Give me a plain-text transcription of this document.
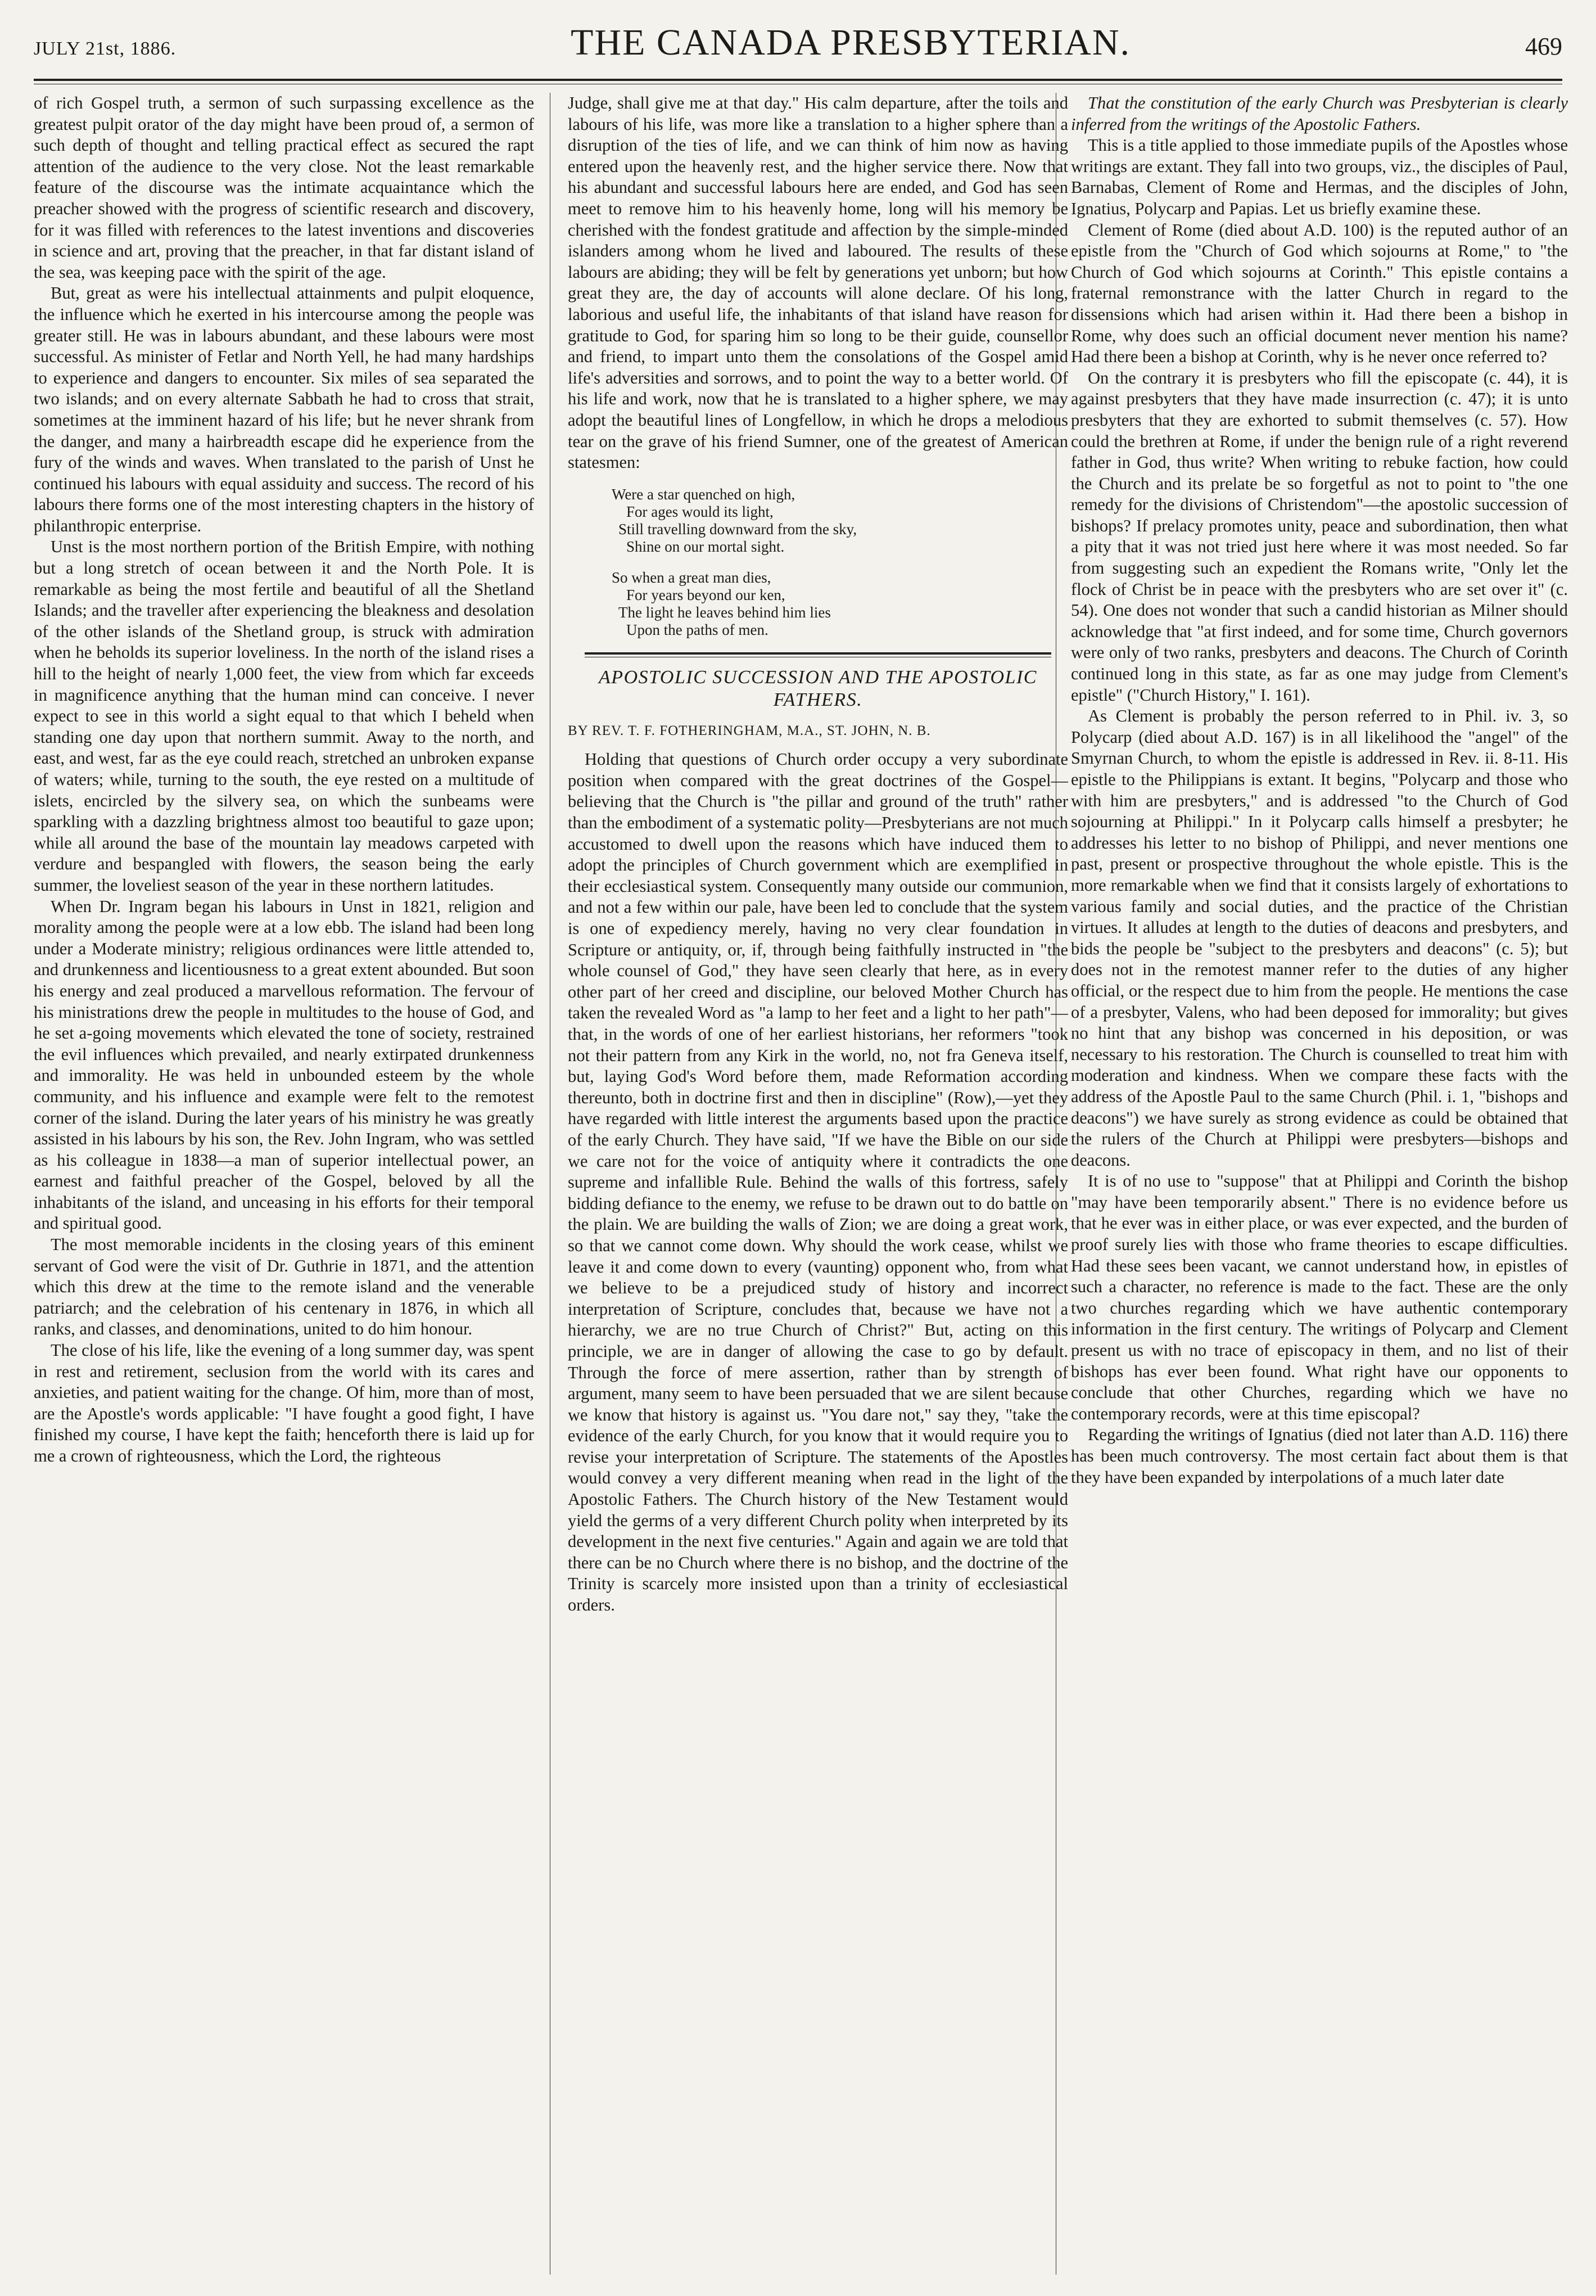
JULY 21st, 1886.	THE CANADA PRESBYTERIAN.	469

of rich Gospel truth, a sermon of such surpassing excellence as the greatest pulpit orator of the day might have been proud of, a sermon of such depth of thought and telling practical effect as secured the rapt attention of the audience to the very close. Not the least remarkable feature of the discourse was the intimate acquaintance which the preacher showed with the progress of scientific research and discovery, for it was filled with references to the latest inventions and discoveries in science and art, proving that the preacher, in that far distant island of the sea, was keeping pace with the spirit of the age.

But, great as were his intellectual attainments and pulpit eloquence, the influence which he exerted in his intercourse among the people was greater still. He was in labours abundant, and these labours were most successful. As minister of Fetlar and North Yell, he had many hardships to experience and dangers to encounter. Six miles of sea separated the two islands; and on every alternate Sabbath he had to cross that strait, sometimes at the imminent hazard of his life; but he never shrank from the danger, and many a hairbreadth escape did he experience from the fury of the winds and waves. When translated to the parish of Unst he continued his labours with equal assiduity and success. The record of his labours there forms one of the most interesting chapters in the history of philanthropic enterprise.

Unst is the most northern portion of the British Empire, with nothing but a long stretch of ocean between it and the North Pole. It is remarkable as being the most fertile and beautiful of all the Shetland Islands; and the traveller after experiencing the bleakness and desolation of the other islands of the Shetland group, is struck with admiration when he beholds its superior loveliness. In the north of the island rises a hill to the height of nearly 1,000 feet, the view from which far exceeds in magnificence anything that the human mind can conceive. I never expect to see in this world a sight equal to that which I beheld when standing one day upon that northern summit. Away to the north, and east, and west, far as the eye could reach, stretched an unbroken expanse of waters; while, turning to the south, the eye rested on a multitude of islets, encircled by the silvery sea, on which the sunbeams were sparkling with a dazzling brightness almost too beautiful to gaze upon; while all around the base of the mountain lay meadows carpeted with verdure and bespangled with flowers, the season being the early summer, the loveliest season of the year in these northern latitudes.

When Dr. Ingram began his labours in Unst in 1821, religion and morality among the people were at a low ebb. The island had been long under a Moderate ministry; religious ordinances were little attended to, and drunkenness and licentiousness to a great extent abounded. But soon his energy and zeal produced a marvellous reformation. The fervour of his ministrations drew the people in multitudes to the house of God, and he set a-going movements which elevated the tone of society, restrained the evil influences which prevailed, and nearly extirpated drunkenness and immorality. He was held in unbounded esteem by the whole community, and his influence and example were felt to the remotest corner of the island. During the later years of his ministry he was greatly assisted in his labours by his son, the Rev. John Ingram, who was settled as his colleague in 1838—a man of superior intellectual power, an earnest and faithful preacher of the Gospel, beloved by all the inhabitants of the island, and unceasing in his efforts for their temporal and spiritual good.

The most memorable incidents in the closing years of this eminent servant of God were the visit of Dr. Guthrie in 1871, and the attention which this drew at the time to the remote island and the venerable patriarch; and the celebration of his centenary in 1876, in which all ranks, and classes, and denominations, united to do him honour.

The close of his life, like the evening of a long summer day, was spent in rest and retirement, seclusion from the world with its cares and anxieties, and patient waiting for the change. Of him, more than of most, are the Apostle's words applicable: "I have fought a good fight, I have finished my course, I have kept the faith; henceforth there is laid up for me a crown of righteousness, which the Lord, the righteous

Judge, shall give me at that day." His calm departure, after the toils and labours of his life, was more like a translation to a higher sphere than a disruption of the ties of life, and we can think of him now as having entered upon the heavenly rest, and the higher service there. Now that his abundant and successful labours here are ended, and God has seen meet to remove him to his heavenly home, long will his memory be cherished with the fondest gratitude and affection by the simple-minded islanders among whom he lived and laboured. The results of these labours are abiding; they will be felt by generations yet unborn; but how great they are, the day of accounts will alone declare. Of his long, laborious and useful life, the inhabitants of that island have reason for gratitude to God, for sparing him so long to be their guide, counsellor and friend, to impart unto them the consolations of the Gospel amid life's adversities and sorrows, and to point the way to a better world. Of his life and work, now that he is translated to a higher sphere, we may adopt the beautiful lines of Longfellow, in which he drops a melodious tear on the grave of his friend Sumner, one of the greatest of American statesmen:

Were a star quenched on high,
For ages would its light,
Still travelling downward from the sky,
Shine on our mortal sight.
So when a great man dies,
For years beyond our ken,
The light he leaves behind him lies
Upon the paths of men.
APOSTOLIC SUCCESSION AND THE APOSTOLIC FATHERS.
BY REV. T. F. FOTHERINGHAM, M.A., ST. JOHN, N. B.

Holding that questions of Church order occupy a very subordinate position when compared with the great doctrines of the Gospel—believing that the Church is "the pillar and ground of the truth" rather than the embodiment of a systematic polity—Presbyterians are not much accustomed to dwell upon the reasons which have induced them to adopt the principles of Church government which are exemplified in their ecclesiastical system. Consequently many outside our communion, and not a few within our pale, have been led to conclude that the system is one of expediency merely, having no very clear foundation in Scripture or antiquity, or, if, through being faithfully instructed in "the whole counsel of God," they have seen clearly that here, as in every other part of her creed and discipline, our beloved Mother Church has taken the revealed Word as "a lamp to her feet and a light to her path"—that, in the words of one of her earliest historians, her reformers "took not their pattern from any Kirk in the world, no, not fra Geneva itself, but, laying God's Word before them, made Reformation according thereunto, both in doctrine first and then in discipline" (Row),—yet they have regarded with little interest the arguments based upon the practice of the early Church. They have said, "If we have the Bible on our side we care not for the voice of antiquity where it contradicts the one supreme and infallible Rule. Behind the walls of this fortress, safely bidding defiance to the enemy, we refuse to be drawn out to do battle on the plain. We are building the walls of Zion; we are doing a great work, so that we cannot come down. Why should the work cease, whilst we leave it and come down to every (vaunting) opponent who, from what we believe to be a prejudiced study of history and incorrect interpretation of Scripture, concludes that, because we have not a hierarchy, we are no true Church of Christ?" But, acting on this principle, we are in danger of allowing the case to go by default. Through the force of mere assertion, rather than by strength of argument, many seem to have been persuaded that we are silent because we know that history is against us. "You dare not," say they, "take the evidence of the early Church, for you know that it would require you to revise your interpretation of Scripture. The statements of the Apostles would convey a very different meaning when read in the light of the Apostolic Fathers. The Church history of the New Testament would yield the germs of a very different Church polity when interpreted by its development in the next five centuries." Again and again we are told that there can be no Church where there is no bishop, and the doctrine of the Trinity is scarcely more insisted upon than a trinity of ecclesiastical orders.

That the constitution of the early Church was Presbyterian is clearly inferred from the writings of the Apostolic Fathers.

This is a title applied to those immediate pupils of the Apostles whose writings are extant. They fall into two groups, viz., the disciples of Paul, Barnabas, Clement of Rome and Hermas, and the disciples of John, Ignatius, Polycarp and Papias. Let us briefly examine these.

Clement of Rome (died about A.D. 100) is the reputed author of an epistle from the "Church of God which sojourns at Rome," to "the Church of God which sojourns at Corinth." This epistle contains a fraternal remonstrance with the latter Church in regard to the dissensions which had arisen within it. Had there been a bishop in Rome, why does such an official document never mention his name? Had there been a bishop at Corinth, why is he never once referred to?

On the contrary it is presbyters who fill the episcopate (c. 44), it is against presbyters that they have made insurrection (c. 47); it is unto presbyters that they are exhorted to submit themselves (c. 57). How could the brethren at Rome, if under the benign rule of a right reverend father in God, thus write? When writing to rebuke faction, how could the Church and its prelate be so forgetful as not to point to "the one remedy for the divisions of Christendom"—the apostolic succession of bishops? If prelacy promotes unity, peace and subordination, then what a pity that it was not tried just here where it was most needed. So far from suggesting such an expedient the Romans write, "Only let the flock of Christ be in peace with the presbyters who are set over it" (c. 54). One does not wonder that such a candid historian as Milner should acknowledge that "at first indeed, and for some time, Church governors were only of two ranks, presbyters and deacons. The Church of Corinth continued long in this state, as far as one may judge from Clement's epistle" ("Church History," I. 161).

As Clement is probably the person referred to in Phil. iv. 3, so Polycarp (died about A.D. 167) is in all likelihood the "angel" of the Smyrnan Church, to whom the epistle is addressed in Rev. ii. 8-11. His epistle to the Philippians is extant. It begins, "Polycarp and those who with him are presbyters," and is addressed "to the Church of God sojourning at Philippi." In it Polycarp calls himself a presbyter; he addresses his letter to no bishop of Philippi, and never mentions one past, present or prospective throughout the whole epistle. This is the more remarkable when we find that it consists largely of exhortations to various family and social duties, and the practice of the Christian virtues. It alludes at length to the duties of deacons and presbyters, and bids the people be "subject to the presbyters and deacons" (c. 5); but does not in the remotest manner refer to the duties of any higher official, or the respect due to him from the people. He mentions the case of a presbyter, Valens, who had been deposed for immorality; but gives no hint that any bishop was concerned in his deposition, or was necessary to his restoration. The Church is counselled to treat him with moderation and kindness. When we compare these facts with the address of the Apostle Paul to the same Church (Phil. i. 1, "bishops and deacons") we have surely as strong evidence as could be obtained that the rulers of the Church at Philippi were presbyters—bishops and deacons.

It is of no use to "suppose" that at Philippi and Corinth the bishop "may have been temporarily absent." There is no evidence before us that he ever was in either place, or was ever expected, and the burden of proof surely lies with those who frame theories to escape difficulties. Had these sees been vacant, we cannot understand how, in epistles of such a character, no reference is made to the fact. These are the only two churches regarding which we have authentic contemporary information in the first century. The writings of Polycarp and Clement present us with no trace of episcopacy in them, and no list of their bishops has ever been found. What right have our opponents to conclude that other Churches, regarding which we have no contemporary records, were at this time episcopal?

Regarding the writings of Ignatius (died not later than A.D. 116) there has been much controversy. The most certain fact about them is that they have been expanded by interpolations of a much later date
